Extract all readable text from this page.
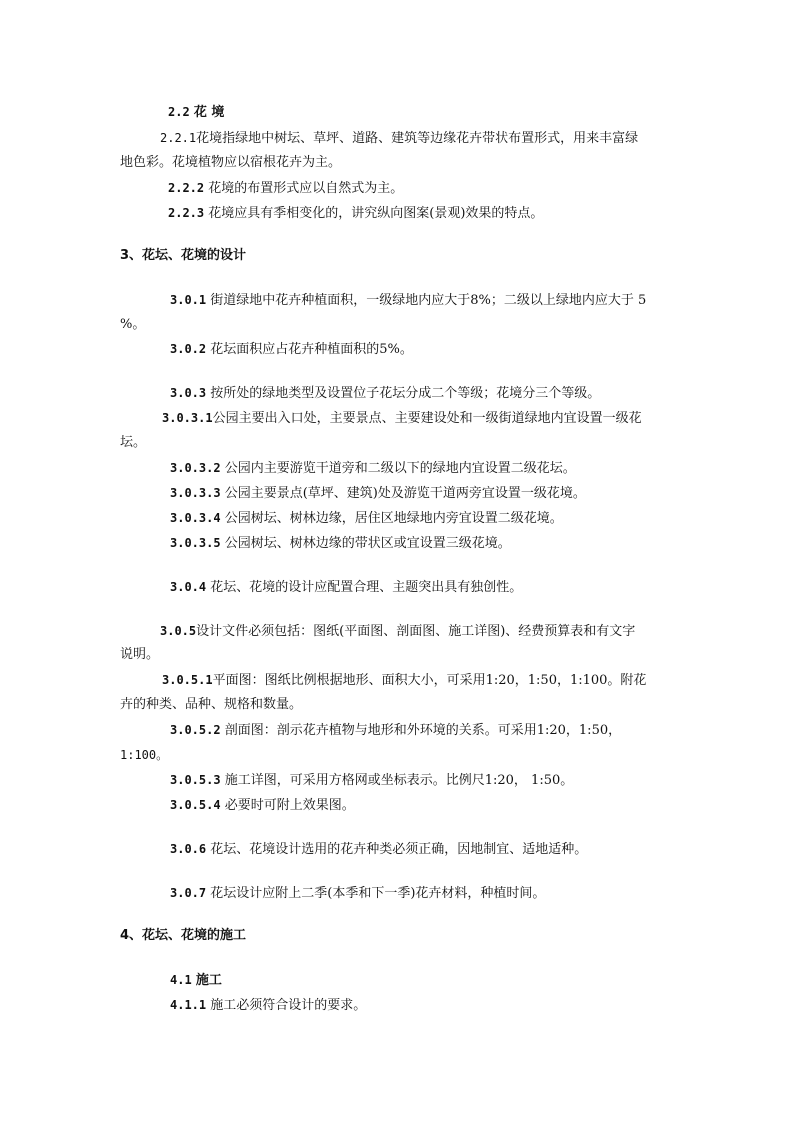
2.2 花 境
2.2.1花境指绿地中树坛、草坪、道路、建筑等边缘花卉带状布置形式，用来丰富绿
地色彩。花境植物应以宿根花卉为主。
2.2.2 花境的布置形式应以自然式为主。
2.2.3 花境应具有季相变化的，讲究纵向图案(景观)效果的特点。
3、花坛、花境的设计
3.0.1 街道绿地中花卉种植面积，一级绿地内应大于8%；二级以上绿地内应大于 5
%。
3.0.2 花坛面积应占花卉种植面积的5%。
3.0.3 按所处的绿地类型及设置位子花坛分成二个等级；花境分三个等级。
3.0.3.1公园主要出入口处，主要景点、主要建设处和一级街道绿地内宜设置一级花
坛。
3.0.3.2 公园内主要游览干道旁和二级以下的绿地内宜设置二级花坛。
3.0.3.3 公园主要景点(草坪、建筑)处及游览干道两旁宜设置一级花境。
3.0.3.4 公园树坛、树林边缘，居住区地绿地内旁宜设置二级花境。
3.0.3.5 公园树坛、树林边缘的带状区或宜设置三级花境。
3.0.4 花坛、花境的设计应配置合理、主题突出具有独创性。
3.0.5设计文件必须包括：图纸(平面图、剖面图、施工详图)、经费预算表和有文字
说明。
3.0.5.1平面图：图纸比例根据地形、面积大小，可采用1:20，1:50，1:100。附花
卉的种类、品种、规格和数量。
3.0.5.2 剖面图：剖示花卉植物与地形和外环境的关系。可采用1:20，1:50，
1:100。
3.0.5.3 施工详图，可采用方格网或坐标表示。比例尺1:20， 1:50。
3.0.5.4 必要时可附上效果图。
3.0.6 花坛、花境设计选用的花卉种类必须正确，因地制宜、适地适种。
3.0.7 花坛设计应附上二季(本季和下一季)花卉材料，种植时间。
4、花坛、花境的施工
4.1 施工
4.1.1 施工必须符合设计的要求。
